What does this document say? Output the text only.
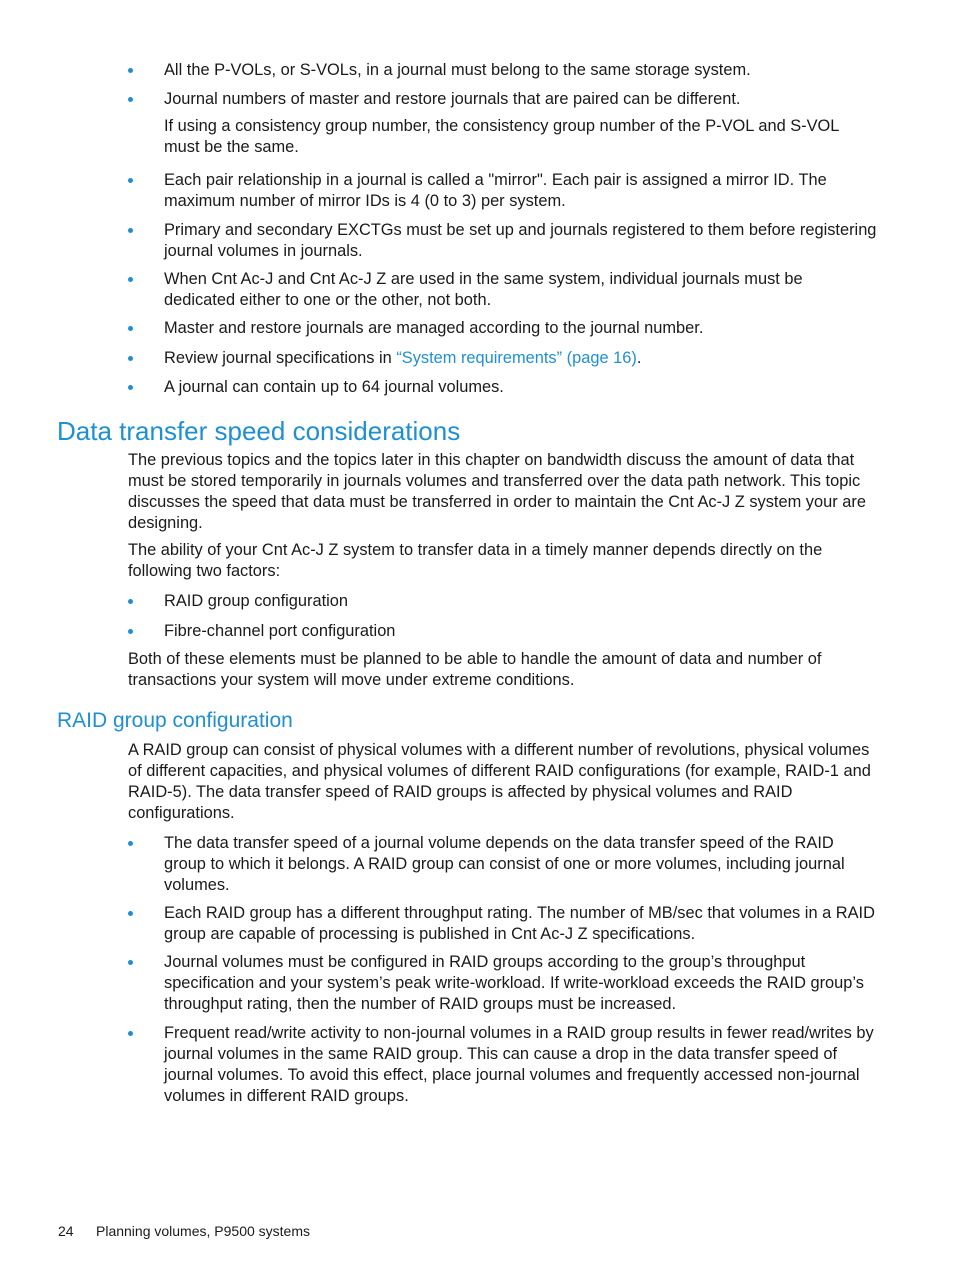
All the P-VOLs, or S-VOLs, in a journal must belong to the same storage system.

Journal numbers of master and restore journals that are paired can be different.

If using a consistency group number, the consistency group number of the P-VOL and S-VOL must be the same.

Each pair relationship in a journal is called a "mirror". Each pair is assigned a mirror ID. The maximum number of mirror IDs is 4 (0 to 3) per system.

Primary and secondary EXCTGs must be set up and journals registered to them before registering journal volumes in journals.

When Cnt Ac-J and Cnt Ac-J Z are used in the same system, individual journals must be dedicated either to one or the other, not both.

Master and restore journals are managed according to the journal number.

Review journal specifications in “System requirements” (page 16).

A journal can contain up to 64 journal volumes.

Data transfer speed considerations

The previous topics and the topics later in this chapter on bandwidth discuss the amount of data that must be stored temporarily in journals volumes and transferred over the data path network. This topic discusses the speed that data must be transferred in order to maintain the Cnt Ac-J Z system your are designing.

The ability of your Cnt Ac-J Z system to transfer data in a timely manner depends directly on the following two factors:

RAID group configuration

Fibre-channel port configuration

Both of these elements must be planned to be able to handle the amount of data and number of transactions your system will move under extreme conditions.

RAID group configuration

A RAID group can consist of physical volumes with a different number of revolutions, physical volumes of different capacities, and physical volumes of different RAID configurations (for example, RAID-1 and RAID-5). The data transfer speed of RAID groups is affected by physical volumes and RAID configurations.

The data transfer speed of a journal volume depends on the data transfer speed of the RAID group to which it belongs. A RAID group can consist of one or more volumes, including journal volumes.

Each RAID group has a different throughput rating. The number of MB/sec that volumes in a RAID group are capable of processing is published in Cnt Ac-J Z specifications.

Journal volumes must be configured in RAID groups according to the group’s throughput specification and your system’s peak write-workload. If write-workload exceeds the RAID group’s throughput rating, then the number of RAID groups must be increased.

Frequent read/write activity to non-journal volumes in a RAID group results in fewer read/writes by journal volumes in the same RAID group. This can cause a drop in the data transfer speed of journal volumes. To avoid this effect, place journal volumes and frequently accessed non-journal volumes in different RAID groups.

24 Planning volumes, P9500 systems
